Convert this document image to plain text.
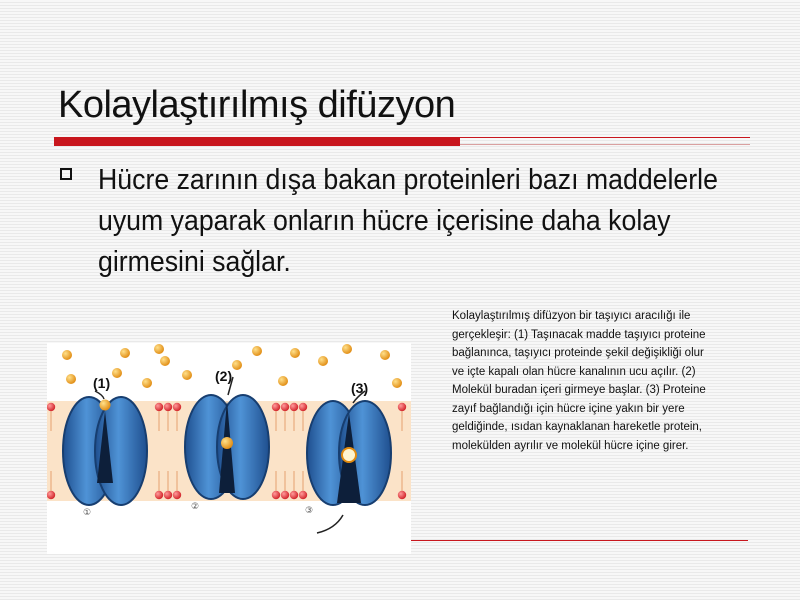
Kolaylaştırılmış difüzyon

Hücre zarının dışa bakan proteinleri bazı maddelerle uyum yaparak onların hücre içerisine daha kolay girmesini sağlar.

Kolaylaştırılmış difüzyon bir taşıyıcı aracılığı ile
gerçekleşir: (1) Taşınacak madde taşıyıcı proteine
bağlanınca, taşıyıcı proteinde şekil değişikliği olur
ve içte kapalı olan hücre kanalının ucu açılır. (2)
Molekül buradan içeri girmeye başlar. (3) Proteine
zayıf bağlandığı için hücre içine yakın bir yere
geldiğinde, ısıdan kaynaklanan hareketle protein,
molekülden ayrılır ve molekül hücre içine girer.

(1)	(2)
(3)
①
②	③
